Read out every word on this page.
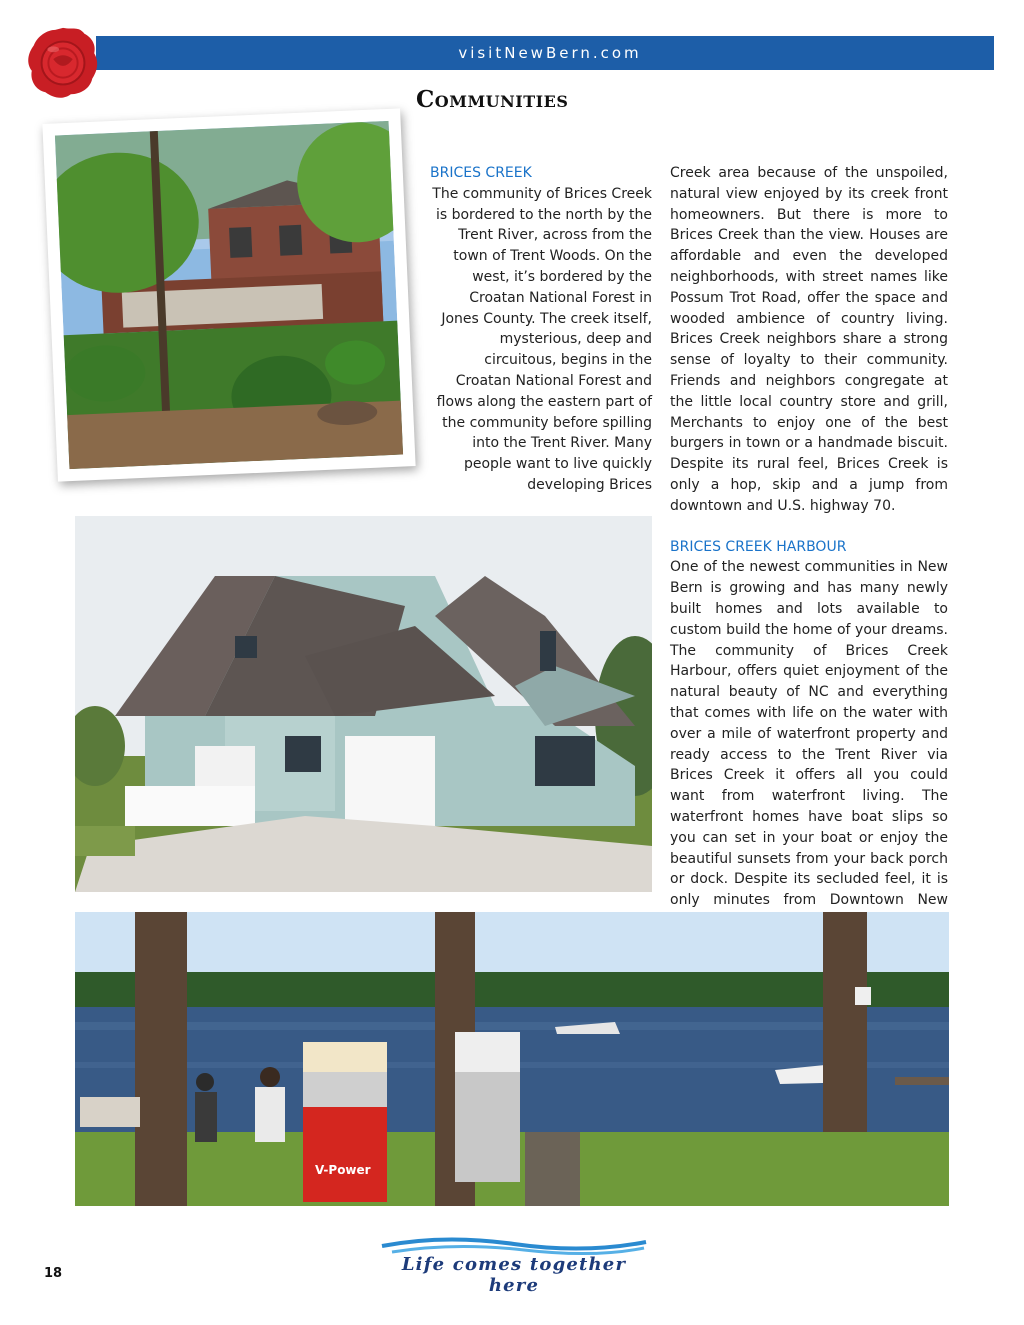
visitNewBern.com
Communities
BRICES CREEK

The community of Brices Creek is bordered to the north by the Trent River, across from the town of Trent Woods. On the west, it’s bordered by the Croatan National Forest in Jones County. The creek itself, mysterious, deep and circuitous, begins in the Croatan National Forest and flows along the eastern part of the community before spilling into the Trent River. Many people want to live quickly developing Brices

Creek area because of the unspoiled, natural view enjoyed by its creek front homeowners. But there is more to Brices Creek than the view. Houses are affordable and even the developed neighborhoods, with street names like Possum Trot Road, offer the space and wooded ambience of country living. Brices Creek neighbors share a strong sense of loyalty to their community. Friends and neighbors congregate at the little local country store and grill, Merchants to enjoy one of the best burgers in town or a handmade biscuit. Despite its rural feel, Brices Creek is only a hop, skip and a jump from downtown and U.S. highway 70.

BRICES CREEK HARBOUR

One of the newest communities in New Bern is growing and has many newly built homes and lots available to custom build the home of your dreams. The community of Brices Creek Harbour, offers quiet enjoyment of the natural beauty of NC and everything that comes with life on the water with over a mile of waterfront property and ready access to the Trent River via Brices Creek it offers all you could want from waterfront living. The waterfront homes have boat slips so you can set in your boat or enjoy the beautiful sunsets from your back porch or dock. Despite its secluded feel, it is only minutes from Downtown New

V-Power
Life comes together here
18
